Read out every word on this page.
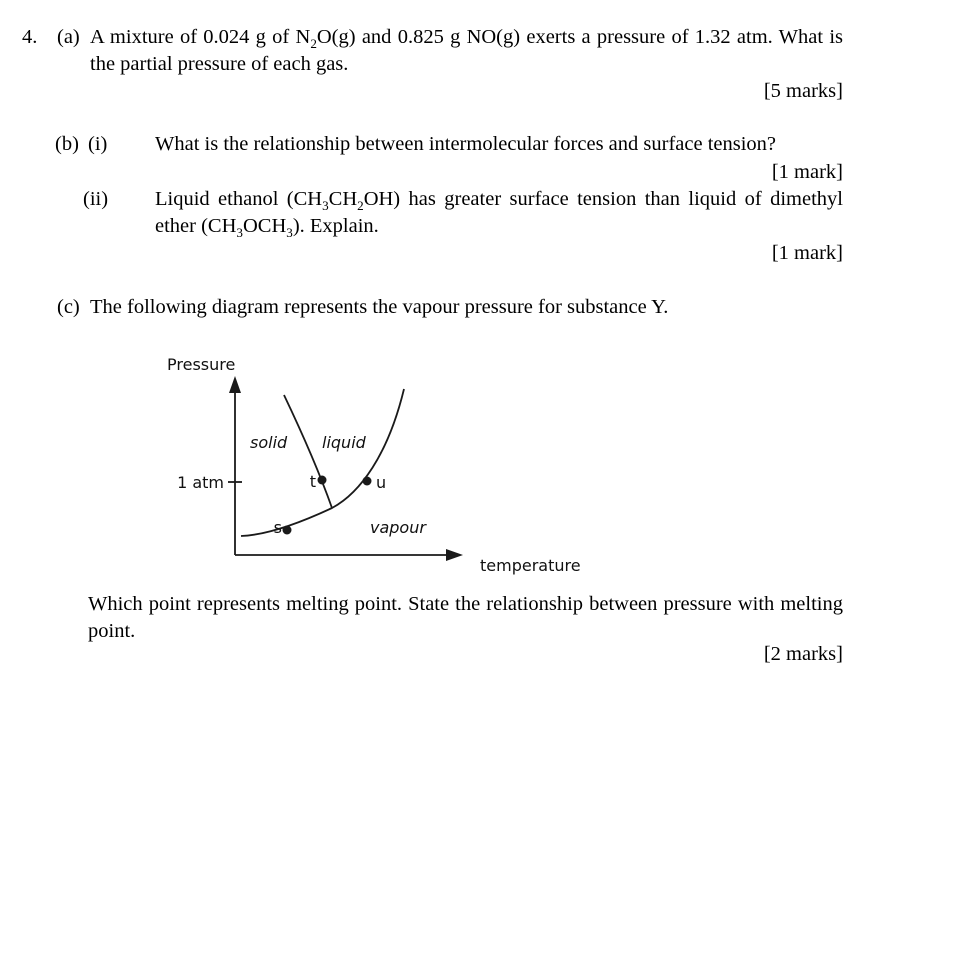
4. (a) A mixture of 0.024 g of $N_2O(g)$ and 0.825 g NO(g) exerts a pressure of 1.32 atm. What is the partial pressure of each gas.
[5 marks]
(b) (i) What is the relationship between intermolecular forces and surface tension?
[1 mark]
(ii) Liquid ethanol $(CH_3CH_2OH)$ has greater surface tension than liquid of dimethyl ether $(CH_3OCH_3)$. Explain.
[1 mark]
(c) The following diagram represents the vapour pressure for substance Y.
Pressure
temperature
1 atm	t	u
s
solid liquid
vapour
Which point represents melting point. State the relationship between pressure with melting point.
[2 marks]
